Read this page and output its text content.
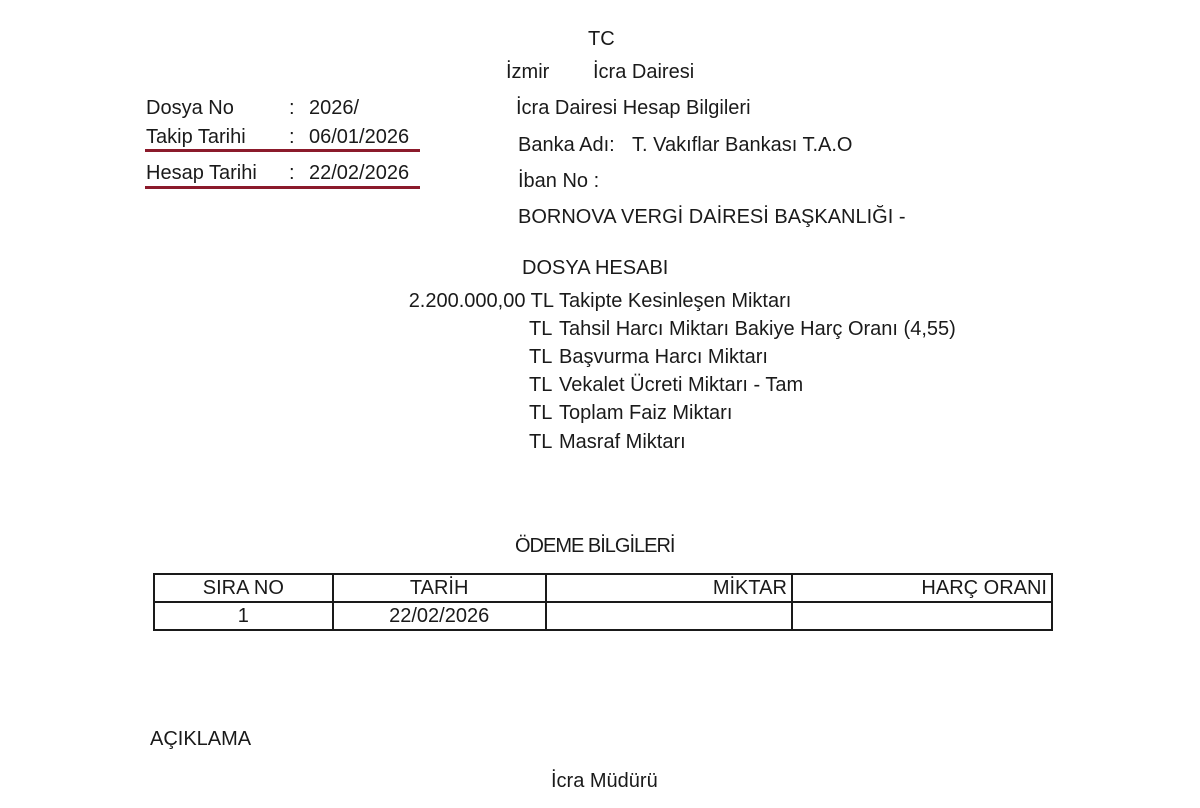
TC
İzmir İcra Dairesi
İcra Dairesi Hesap Bilgileri
Banka Adı: T. Vakıflar Bankası T.A.O
İban No :
BORNOVA VERGİ DAİRESİ BAŞKANLIĞI -
Dosya No	: 2026/
Takip Tarihi : 06/01/2026
Hesap Tarihi : 22/02/2026
DOSYA HESABI
2.200.000,00 TL Takipte Kesinleşen Miktarı
TL Tahsil Harcı Miktarı Bakiye Harç Oranı (4,55)
TL Başvurma Harcı Miktarı
TL Vekalet Ücreti Miktarı - Tam
TL Toplam Faiz Miktarı
TL Masraf Miktarı
ÖDEME BİLGİLERİ
SIRA NO	TARİH	MİKTAR	HARÇ ORANI
1	22/02/2026		
AÇIKLAMA
İcra Müdürü
